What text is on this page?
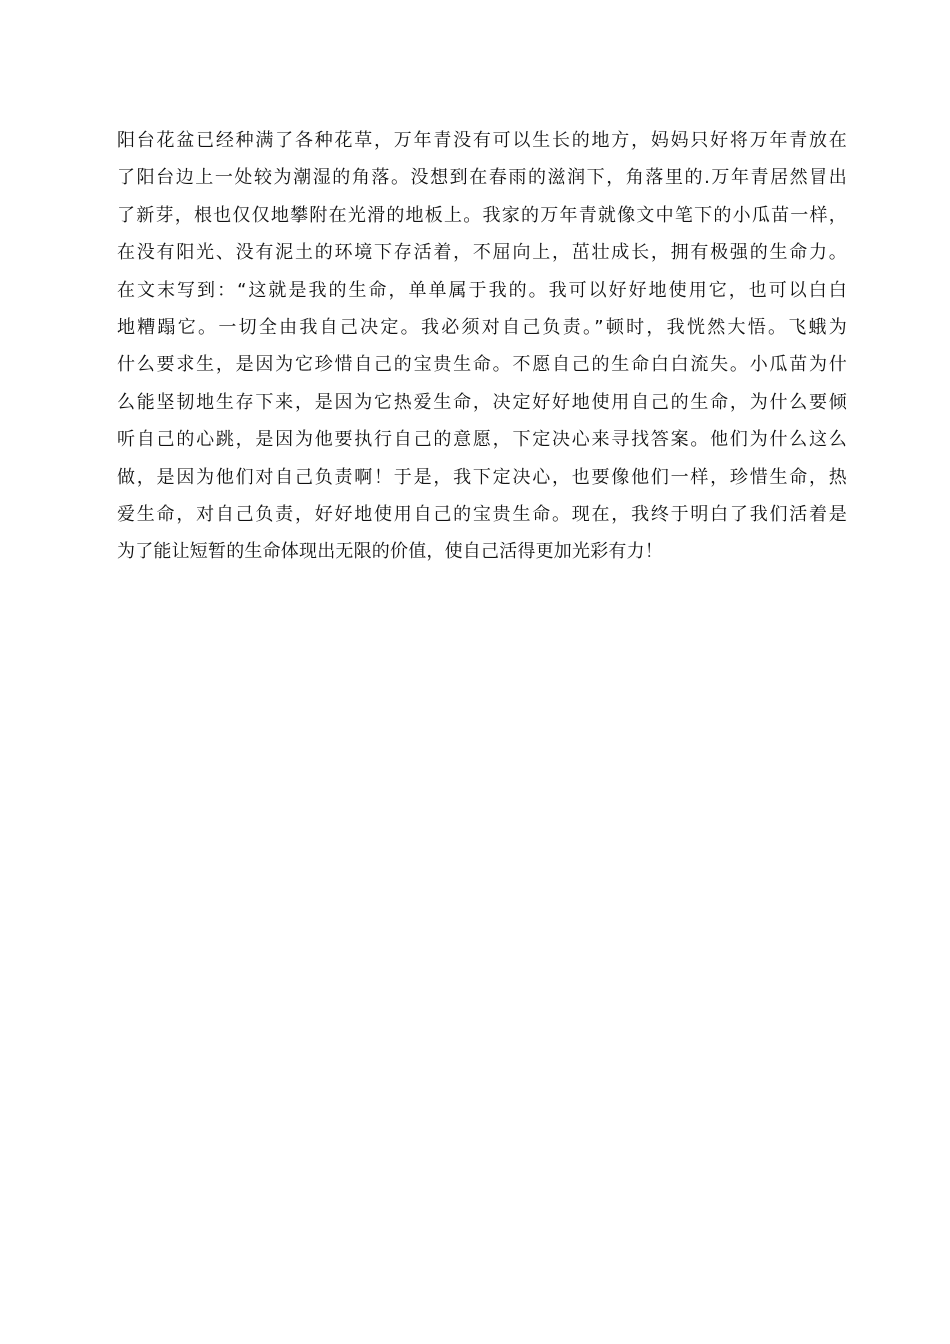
阳台花盆已经种满了各种花草，万年青没有可以生长的地方，妈妈只好将万年青放在
了阳台边上一处较为潮湿的角落。没想到在春雨的滋润下，角落里的.万年青居然冒出
了新芽，根也仅仅地攀附在光滑的地板上。我家的万年青就像文中笔下的小瓜苗一样，
在没有阳光、没有泥土的环境下存活着，不屈向上，茁壮成长，拥有极强的生命力。
在文末写到：“这就是我的生命，单单属于我的。我可以好好地使用它，也可以白白
地糟蹋它。一切全由我自己决定。我必须对自己负责。”顿时，我恍然大悟。飞蛾为
什么要求生，是因为它珍惜自己的宝贵生命。不愿自己的生命白白流失。小瓜苗为什
么能坚韧地生存下来，是因为它热爱生命，决定好好地使用自己的生命，为什么要倾
听自己的心跳，是因为他要执行自己的意愿，下定决心来寻找答案。他们为什么这么
做，是因为他们对自己负责啊！于是，我下定决心，也要像他们一样，珍惜生命，热
爱生命，对自己负责，好好地使用自己的宝贵生命。现在，我终于明白了我们活着是
为了能让短暂的生命体现出无限的价值，使自己活得更加光彩有力！
